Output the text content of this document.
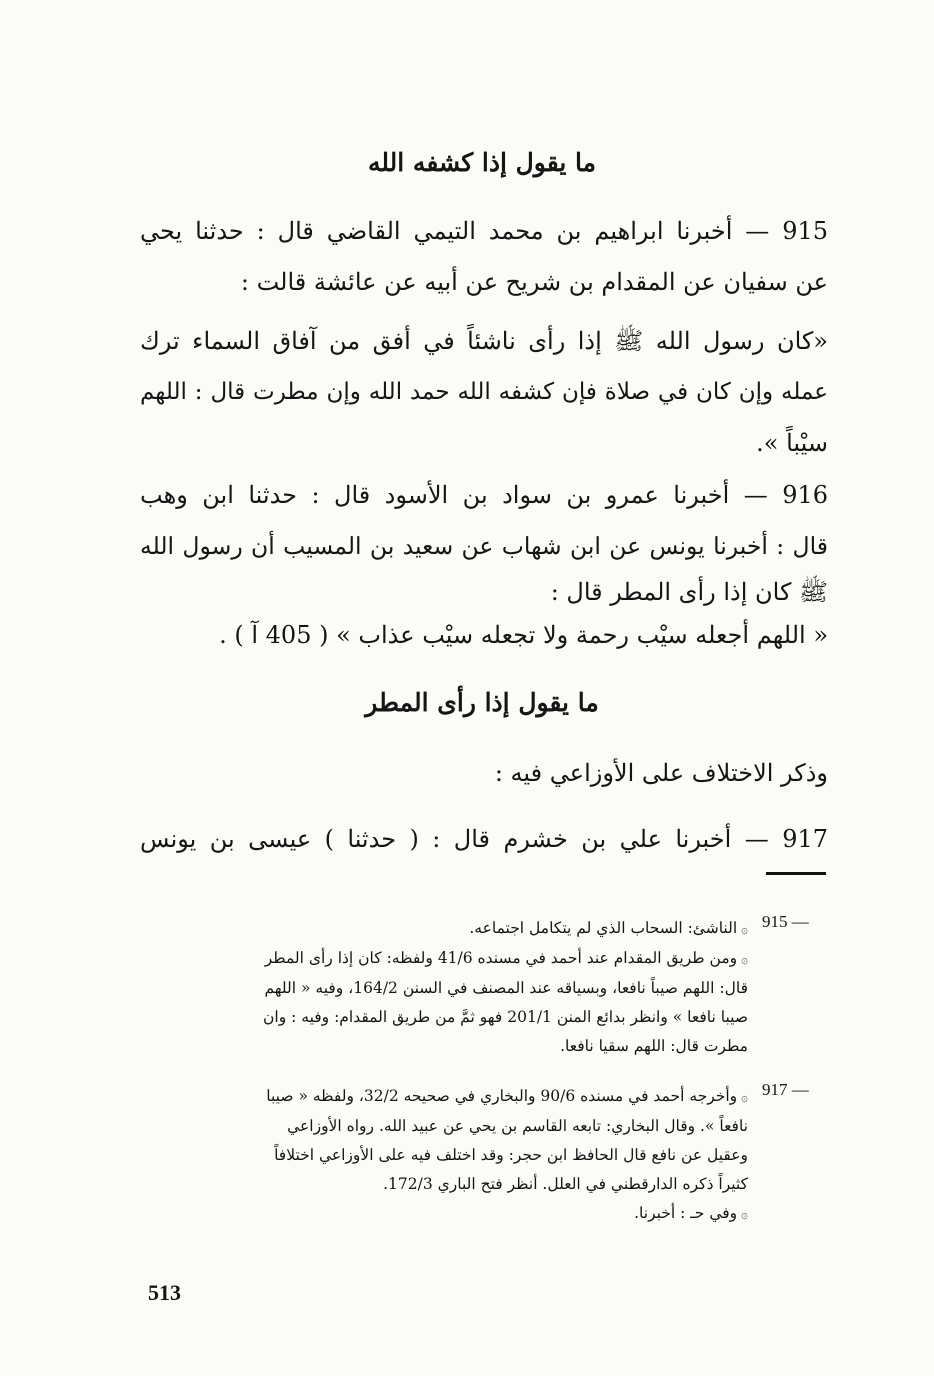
ما يقول إذا كشفه الله
915 — أخبرنا ابراهيم بن محمد التيمي القاضي قال : حدثنا يحي
عن سفيان عن المقدام بن شريح عن أبيه عن عائشة قالت :
«كان رسول الله ﷺ إذا رأى ناشئاً في أفق من آفاق السماء ترك
عمله وإن كان في صلاة فإن كشفه الله حمد الله وإن مطرت قال : اللهم
سيْباً ».
916 — أخبرنا عمرو بن سواد بن الأسود قال : حدثنا ابن وهب
قال : أخبرنا يونس عن ابن شهاب عن سعيد بن المسيب أن رسول الله
ﷺ كان إذا رأى المطر قال :
« اللهم أجعله سيْب رحمة ولا تجعله سيْب عذاب » ( 405 آ ) .
ما يقول إذا رأى المطر
وذكر الاختلاف على الأوزاعي فيه :
917 — أخبرنا علي بن خشرم قال : ( حدثنا ) عيسى بن يونس
915 —
۞ الناشئ: السحاب الذي لم يتكامل اجتماعه.
۞ ومن طريق المقدام عند أحمد في مسنده 41/6 ولفظه: كان إذا رأى المطر
قال: اللهم صيباً نافعا، وبسياقه عند المصنف في السنن 164/2، وفيه « اللهم
صيبا نافعا » وانظر بدائع المنن 201/1 فهو ثمَّ من طريق المقدام: وفيه : وان
مطرت قال: اللهم سقيا نافعا.
917 —
۞ وأخرجه أحمد في مسنده 90/6 والبخاري في صحيحه 32/2، ولفظه « صيبا
نافعاً ». وقال البخاري: تابعه القاسم بن يحي عن عبيد الله. رواه الأوزاعي
وعقيل عن نافع قال الحافظ ابن حجر: وقد اختلف فيه على الأوزاعي اختلافاً
كثيراً ذكره الدارقطني في العلل. أنظر فتح الباري 172/3.
۞ وفي حـ : أخبرنا.
513
